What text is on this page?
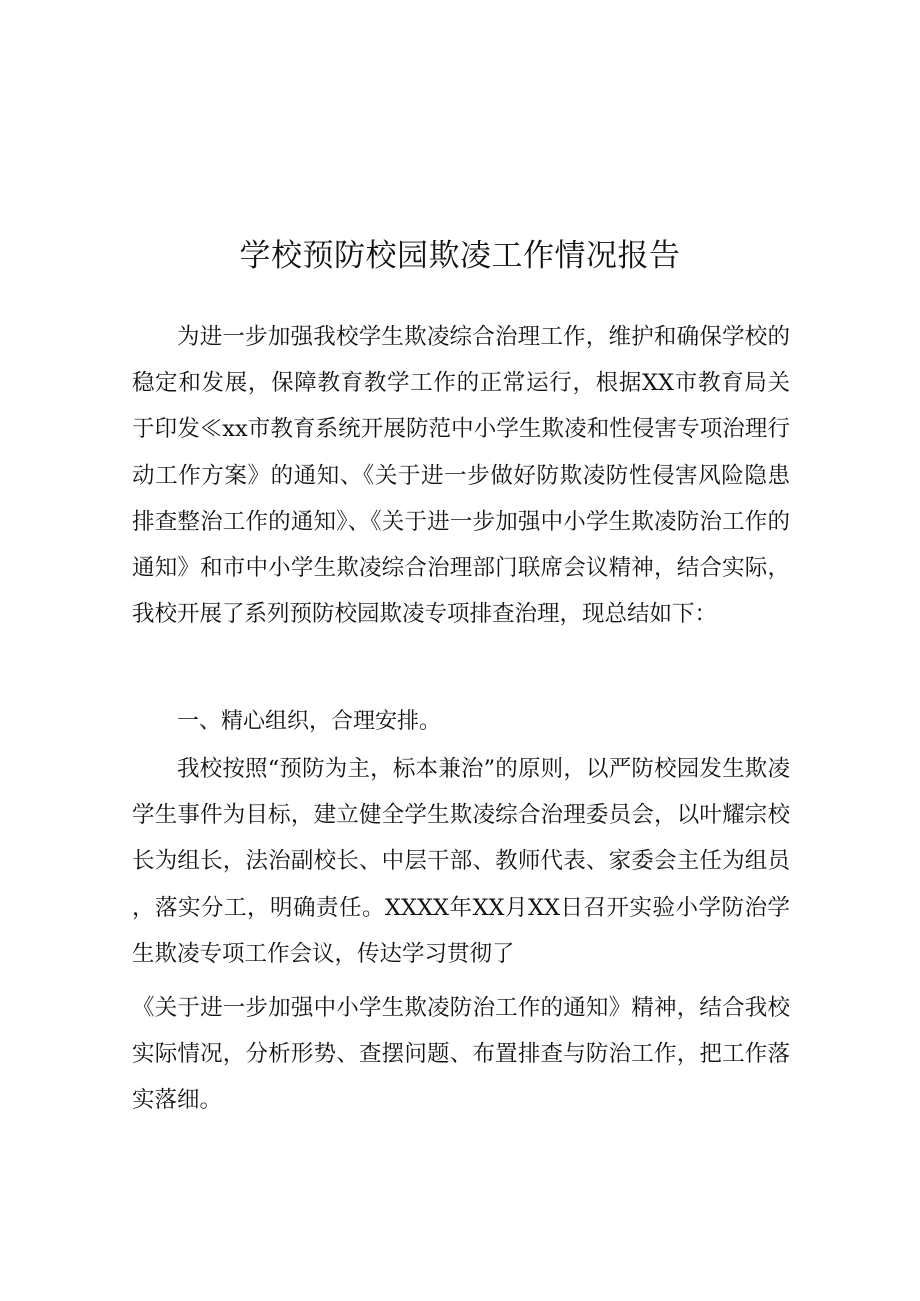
学校预防校园欺凌工作情况报告

为进一步加强我校学生欺凌综合治理工作，维护和确保学校的稳定和发展，保障教育教学工作的正常运行，根据XX市教育局关于印发≪xx市教育系统开展防范中小学生欺凌和性侵害专项治理行动工作方案》的通知、《关于进一步做好防欺凌防性侵害风险隐患排查整治工作的通知》、《关于进一步加强中小学生欺凌防治工作的通知》和市中小学生欺凌综合治理部门联席会议精神，结合实际，我校开展了系列预防校园欺凌专项排查治理，现总结如下：

一、精心组织，合理安排。

我校按照“预防为主，标本兼治”的原则，以严防校园发生欺凌学生事件为目标，建立健全学生欺凌综合治理委员会，以叶耀宗校长为组长，法治副校长、中层干部、教师代表、家委会主任为组员，落实分工，明确责任。XXXX年XX月XX日召开实验小学防治学生欺凌专项工作会议，传达学习贯彻了

《关于进一步加强中小学生欺凌防治工作的通知》精神，结合我校实际情况，分析形势、查摆问题、布置排查与防治工作，把工作落实落细。
